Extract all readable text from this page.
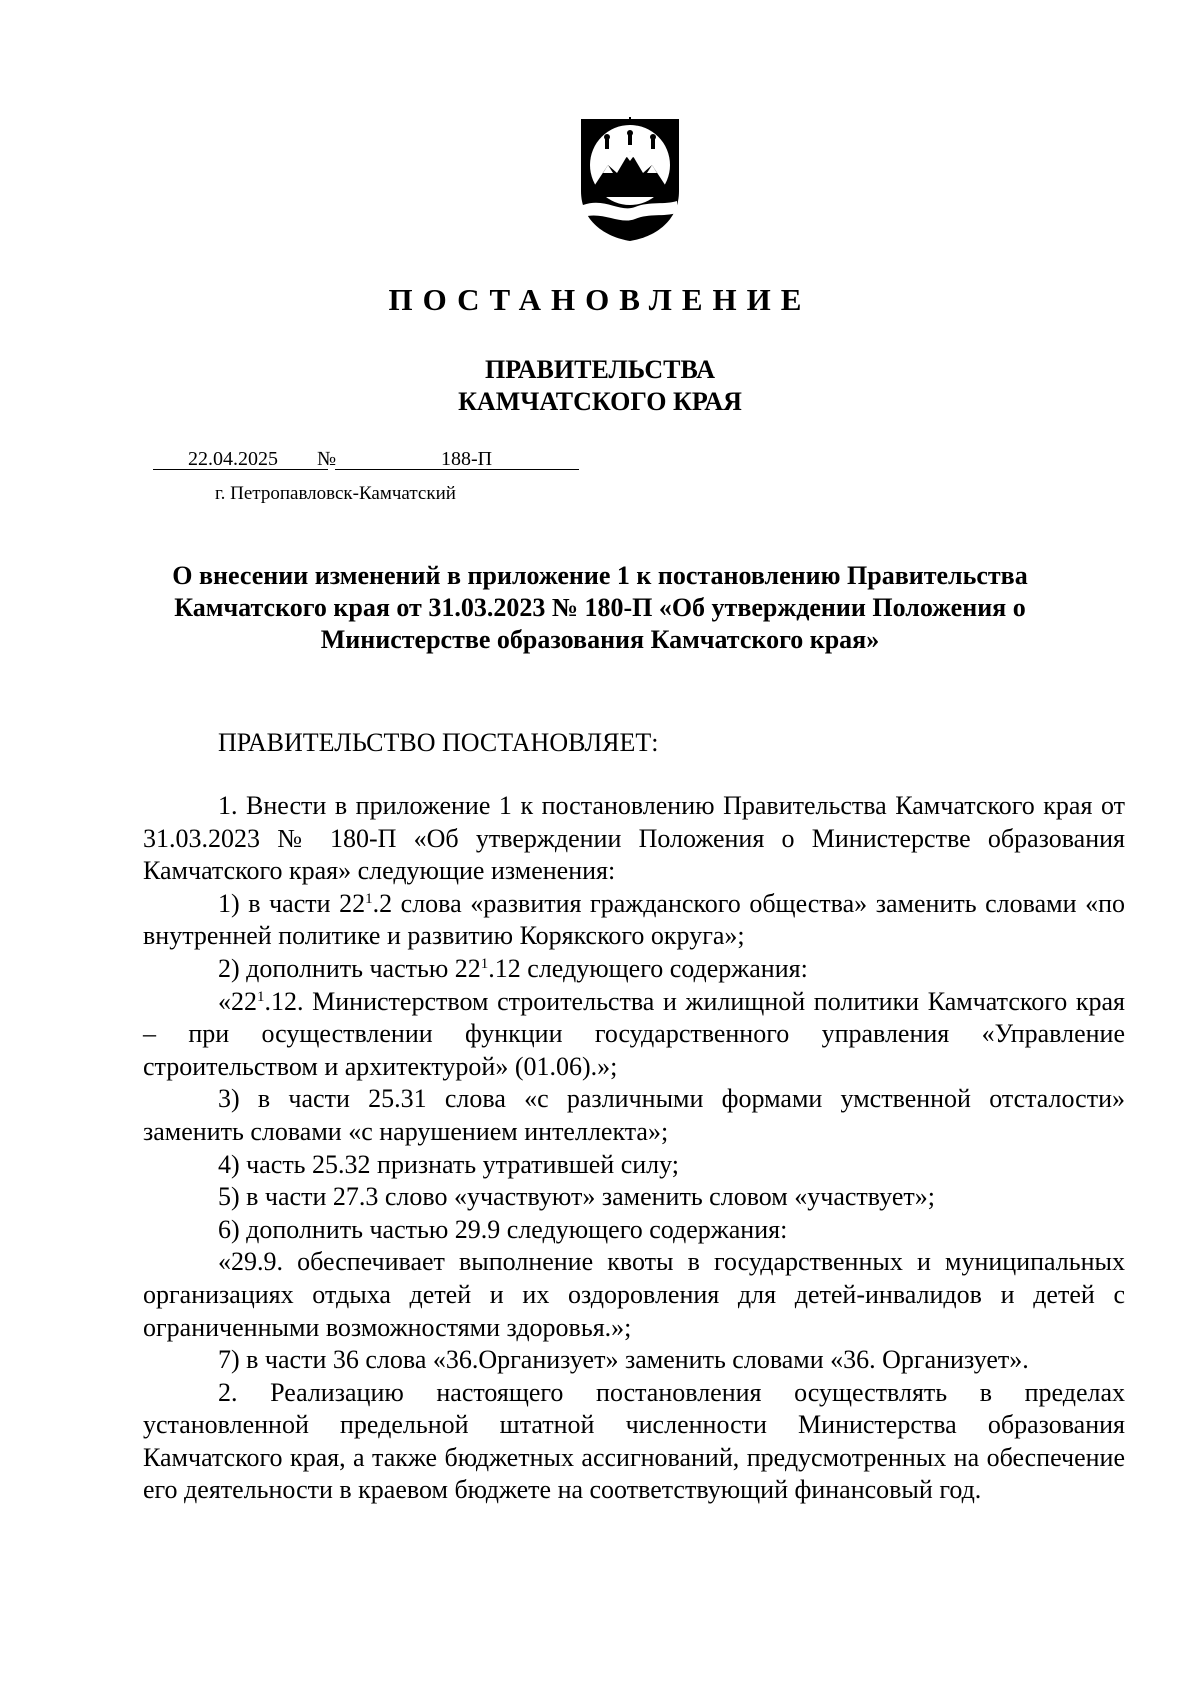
ПОСТАНОВЛЕНИЕ
ПРАВИТЕЛЬСТВА
КАМЧАТСКОГО КРАЯ
22.04.2025 №	188-П
г. Петропавловск-Камчатский
О внесении изменений в приложение 1 к постановлению Правительства
Камчатского края от 31.03.2023 № 180-П «Об утверждении Положения о
Министерстве образования Камчатского края»
ПРАВИТЕЛЬСТВО ПОСТАНОВЛЯЕТ:

1. Внести в приложение 1 к постановлению Правительства Камчатского края от 31.03.2023 № 180-П «Об утверждении Положения о Министерстве образования Камчатского края» следующие изменения:

1) в части $22^1.2$ слова «развития гражданского общества» заменить словами «по внутренней политике и развитию Корякского округа»;

2) дополнить частью $22^1.12$ следующего содержания:

«$22^1.12$. Министерством строительства и жилищной политики Камчатского края – при осуществлении функции государственного управления «Управление строительством и архитектурой» (01.06).»;

3) в части 25.31 слова «с различными формами умственной отсталости» заменить словами «с нарушением интеллекта»;

4) часть 25.32 признать утратившей силу;

5) в части 27.3 слово «участвуют» заменить словом «участвует»;

6) дополнить частью 29.9 следующего содержания:

«29.9. обеспечивает выполнение квоты в государственных и муниципальных организациях отдыха детей и их оздоровления для детей-инвалидов и детей с ограниченными возможностями здоровья.»;

7) в части 36 слова «36.Организует» заменить словами «36. Организует».

2. Реализацию настоящего постановления осуществлять в пределах установленной предельной штатной численности Министерства образования Камчатского края, а также бюджетных ассигнований, предусмотренных на обеспечение его деятельности в краевом бюджете на соответствующий финансовый год.
